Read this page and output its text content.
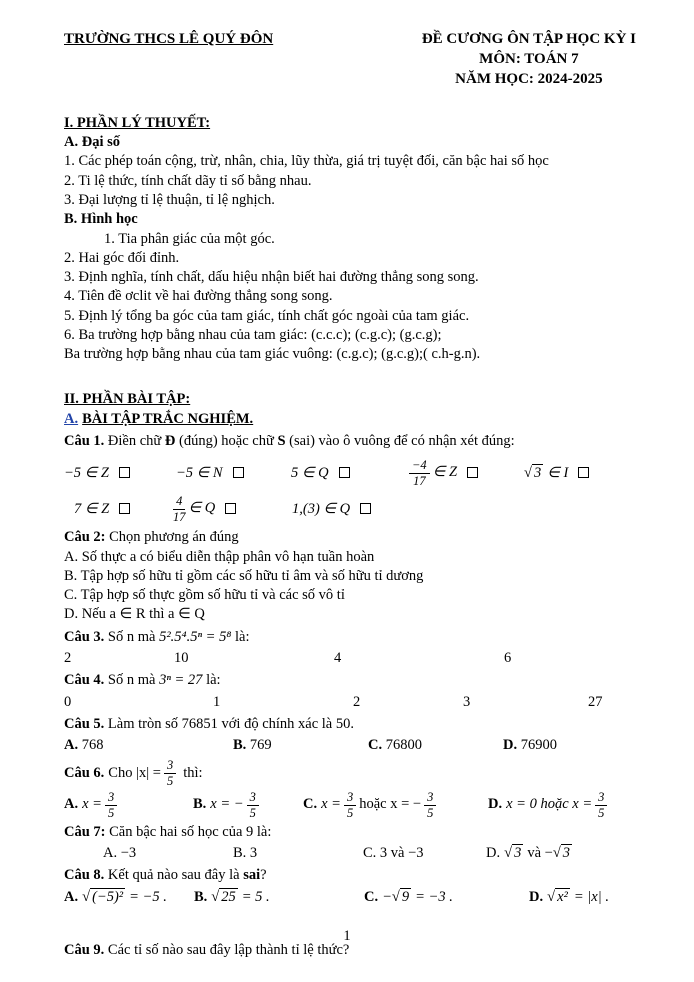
TRƯỜNG THCS LÊ QUÝ ĐÔN	ĐỀ CƯƠNG ÔN TẬP HỌC KỲ I
MÔN: TOÁN 7
NĂM HỌC: 2024-2025
I. PHẦN LÝ THUYẾT:
A. Đại số
1. Các phép toán cộng, trừ, nhân, chia, lũy thừa, giá trị tuyệt đối, căn bậc hai số học
2. Ti lệ thức, tính chất dãy tỉ số bằng nhau.
3. Đại lượng tỉ lệ thuận, tỉ lệ nghịch.
B. Hình học
1. Tia phân giác của một góc.
2. Hai góc đối đỉnh.
3. Định nghĩa, tính chất, dấu hiệu nhận biết hai đường thẳng song song.
4. Tiên đề ơclit về hai đường thẳng song song.
5. Định lý tổng ba góc của tam giác, tính chất góc ngoài của tam giác.
6. Ba trường hợp bằng nhau của tam giác: (c.c.c); (c.g.c); (g.c.g);
Ba trường hợp bằng nhau của tam giác vuông: (c.g.c); (g.c.g);( c.h-g.n).
II. PHẦN BÀI TẬP:
A. BÀI TẬP TRẮC NGHIỆM.
Câu 1. Điền chữ Đ (đúng) hoặc chữ S (sai) vào ô vuông để có nhận xét đúng:
−5 ∈ Z	−5 ∈ N	5 ∈ Q	$\frac{-4}{17}$ ∈ Z	√ 3 ∈ I
7 ∈ Z	$\frac{4}{17}$ ∈ Q	1,(3) ∈ Q
Câu 2: Chọn phương án đúng
A. Số thực a có biểu diễn thập phân vô hạn tuần hoàn
B. Tập hợp số hữu tỉ gồm các số hữu tỉ âm và số hữu tỉ dương
C. Tập hợp số thực gồm số hữu tỉ và các số vô tỉ
D. Nếu a ∈ R thì a ∈ Q
Câu 3. Số n mà 5².5⁴.5ⁿ = 5⁸ là:
2	10	4	6
Câu 4. Số n mà 3ⁿ = 27 là:
0	1	2	3	27
Câu 5. Làm tròn số 76851 với độ chính xác là 50.
A. 768	B. 769	C. 76800	D. 76900
Câu 6. Cho $|x| = \frac{3}{5}$ thì:
A. $x = \frac{3}{5}$	B. x = − $\frac{3}{5}$	C. $x = \frac{3}{5}$ hoặc x = − $\frac{3}{5}$	D. x = 0 hoặc $x = \frac{3}{5}$
Câu 7: Căn bậc hai số học của 9 là:
A. −3	B. 3	C. 3 và −3	D. √ 3 và −√ 3
Câu 8. Kết quả nào sau đây là sai?
A. √ (−5)² = −5 .	B. √ 25 = 5 .	C. −√ 9 = −3 .	D. √ x² = |x| .
Câu 9. Các tỉ số nào sau đây lập thành tỉ lệ thức?
1
